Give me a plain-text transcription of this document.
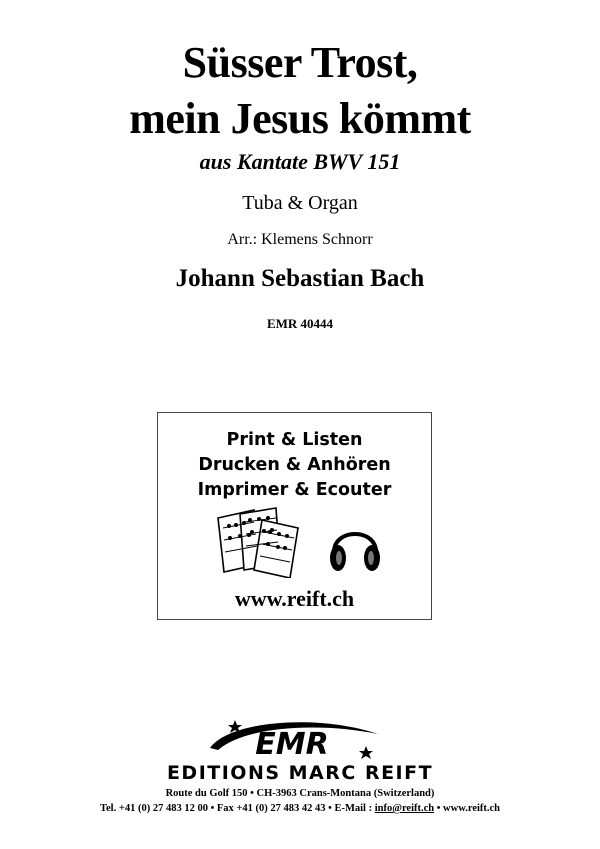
Süsser Trost,
mein Jesus kömmt
aus Kantate BWV 151
Tuba & Organ
Arr.: Klemens Schnorr
Johann Sebastian Bach
EMR 40444
Print & Listen
Drucken & Anhören
Imprimer & Ecouter
www.reift.ch
EMR
EDITIONS MARC REIFT
Route du Golf 150 • CH-3963 Crans-Montana (Switzerland)
Tel. +41 (0) 27 483 12 00 • Fax +41 (0) 27 483 42 43 • E-Mail : info@reift.ch • www.reift.ch
